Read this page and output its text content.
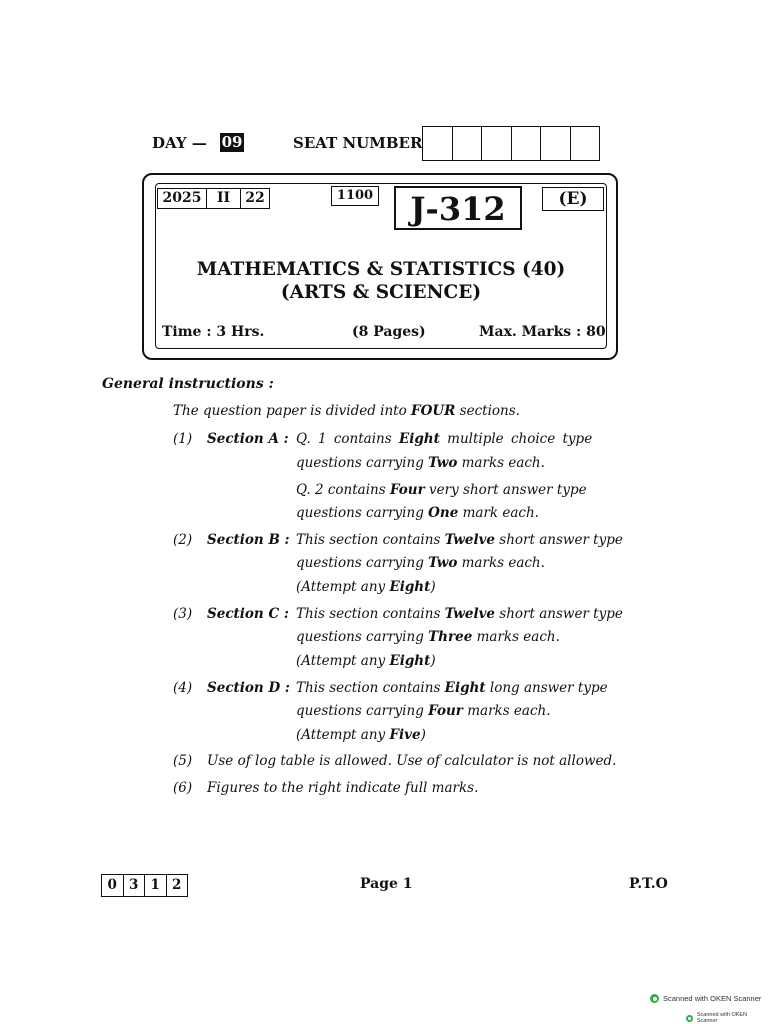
DAY — 09	SEAT NUMBER
2025	II	22	1100	J-312	(E)
MATHEMATICS & STATISTICS (40)
(ARTS & SCIENCE)
Time : 3 Hrs.	(8 Pages)	Max. Marks : 80
General instructions :
The question paper is divided into FOUR sections.
(1) Section A : Q. 1 contains Eight multiple choice type
questions carrying Two marks each.
Q. 2 contains Four very short answer type
questions carrying One mark each.
(2) Section B : This section contains Twelve short answer type
questions carrying Two marks each.
(Attempt any Eight)
(3) Section C : This section contains Twelve short answer type
questions carrying Three marks each.
(Attempt any Eight)
(4) Section D : This section contains Eight long answer type
questions carrying Four marks each.
(Attempt any Five)
(5) Use of log table is allowed. Use of calculator is not allowed.
(6) Figures to the right indicate full marks.
0 3 1 2	Page 1	P.T.O
Scanned with OKEN Scanner
Scanned with OKEN Scanner
